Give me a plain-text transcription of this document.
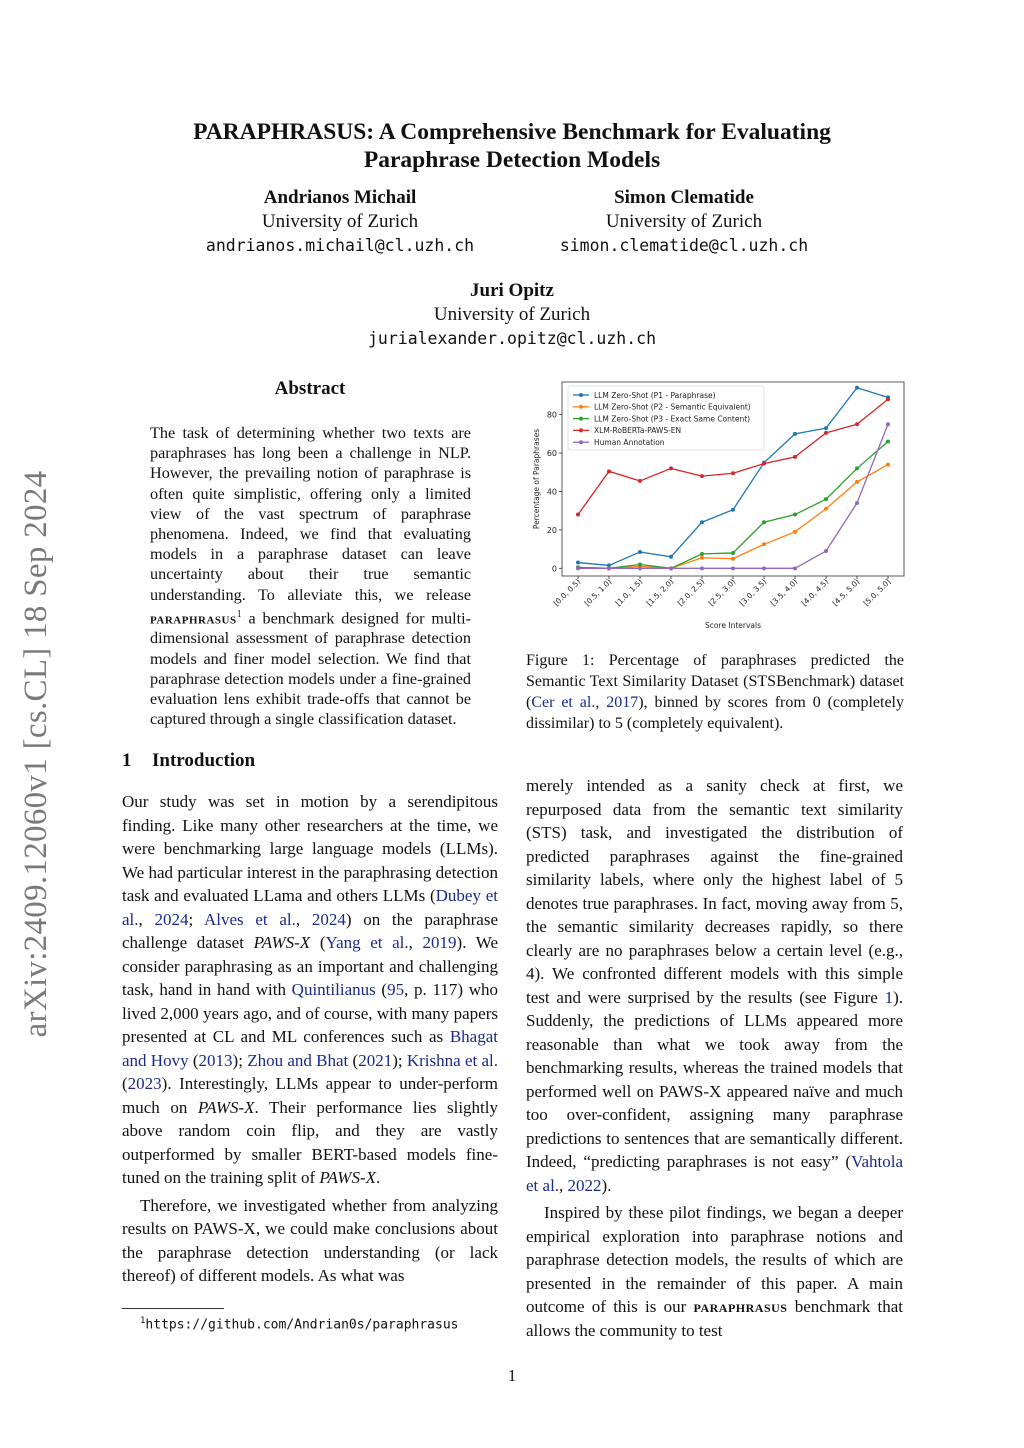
arXiv:2409.12060v1 [cs.CL] 18 Sep 2024
PARAPHRASUS: A Comprehensive Benchmark for Evaluating
Paraphrase Detection Models
Andrianos Michail
University of Zurich
andrianos.michail@cl.uzh.ch
Simon Clematide
University of Zurich
simon.clematide@cl.uzh.ch
Juri Opitz
University of Zurich
jurialexander.opitz@cl.uzh.ch
Abstract
The task of determining whether two texts are paraphrases has long been a challenge in NLP. However, the prevailing notion of paraphrase is often quite simplistic, offering only a limited view of the vast spectrum of paraphrase phenomena. Indeed, we find that evaluating models in a paraphrase dataset can leave uncertainty about their true semantic understanding. To alleviate this, we release paraphrasus$^1$ a benchmark designed for multi-dimensional assessment of paraphrase detection models and finer model selection. We find that paraphrase detection models under a fine-grained evaluation lens exhibit trade-offs that cannot be captured through a single classification dataset.
1 Introduction

Our study was set in motion by a serendipitous finding. Like many other researchers at the time, we were benchmarking large language models (LLMs). We had particular interest in the paraphrasing detection task and evaluated LLama and others LLMs (Dubey et al., 2024; Alves et al., 2024) on the paraphrase challenge dataset PAWS-X (Yang et al., 2019). We consider paraphrasing as an important and challenging task, hand in hand with Quintilianus (95, p. 117) who lived 2,000 years ago, and of course, with many papers presented at CL and ML conferences such as Bhagat and Hovy (2013); Zhou and Bhat (2021); Krishna et al. (2023). Interestingly, LLMs appear to under-perform much on PAWS-X. Their performance lies slightly above random coin flip, and they are vastly outperformed by smaller BERT-based models fine-tuned on the training split of PAWS-X.

Therefore, we investigated whether from analyzing results on PAWS-X, we could make conclusions about the paraphrase detection understanding (or lack thereof) of different models. As what was

0
20
40
60
80
[0.0, 0.5) [0.5, 1.0) [1.0, 1.5) [1.5, 2.0) [2.0, 2.5) [2.5, 3.0) [3.0, 3.5) [3.5, 4.0) [4.0, 4.5) [4.5, 5.0) [5.0, 5.0]
Score Intervals
Percentage of Paraphrases
LLM Zero-Shot (P1 - Paraphrase)
LLM Zero-Shot (P2 - Semantic Equivalent)
LLM Zero-Shot (P3 - Exact Same Content)
XLM-RoBERTa-PAWS-EN
Human Annotation
Figure 1: Percentage of paraphrases predicted the Semantic Text Similarity Dataset (STSBenchmark) dataset (Cer et al., 2017), binned by scores from 0 (completely dissimilar) to 5 (completely equivalent).

merely intended as a sanity check at first, we repurposed data from the semantic text similarity (STS) task, and investigated the distribution of predicted paraphrases against the fine-grained similarity labels, where only the highest label of 5 denotes true paraphrases. In fact, moving away from 5, the semantic similarity decreases rapidly, so there clearly are no paraphrases below a certain level (e.g., 4). We confronted different models with this simple test and were surprised by the results (see Figure 1). Suddenly, the predictions of LLMs appeared more reasonable than what we took away from the benchmarking results, whereas the trained models that performed well on PAWS-X appeared naïve and much too over-confident, assigning many paraphrase predictions to sentences that are semantically different. Indeed, “predicting paraphrases is not easy” (Vahtola et al., 2022).

Inspired by these pilot findings, we began a deeper empirical exploration into paraphrase notions and paraphrase detection models, the results of which are presented in the remainder of this paper. A main outcome of this is our paraphrasus benchmark that allows the community to test

$^1$https://github.com/Andrian0s/paraphrasus
1
